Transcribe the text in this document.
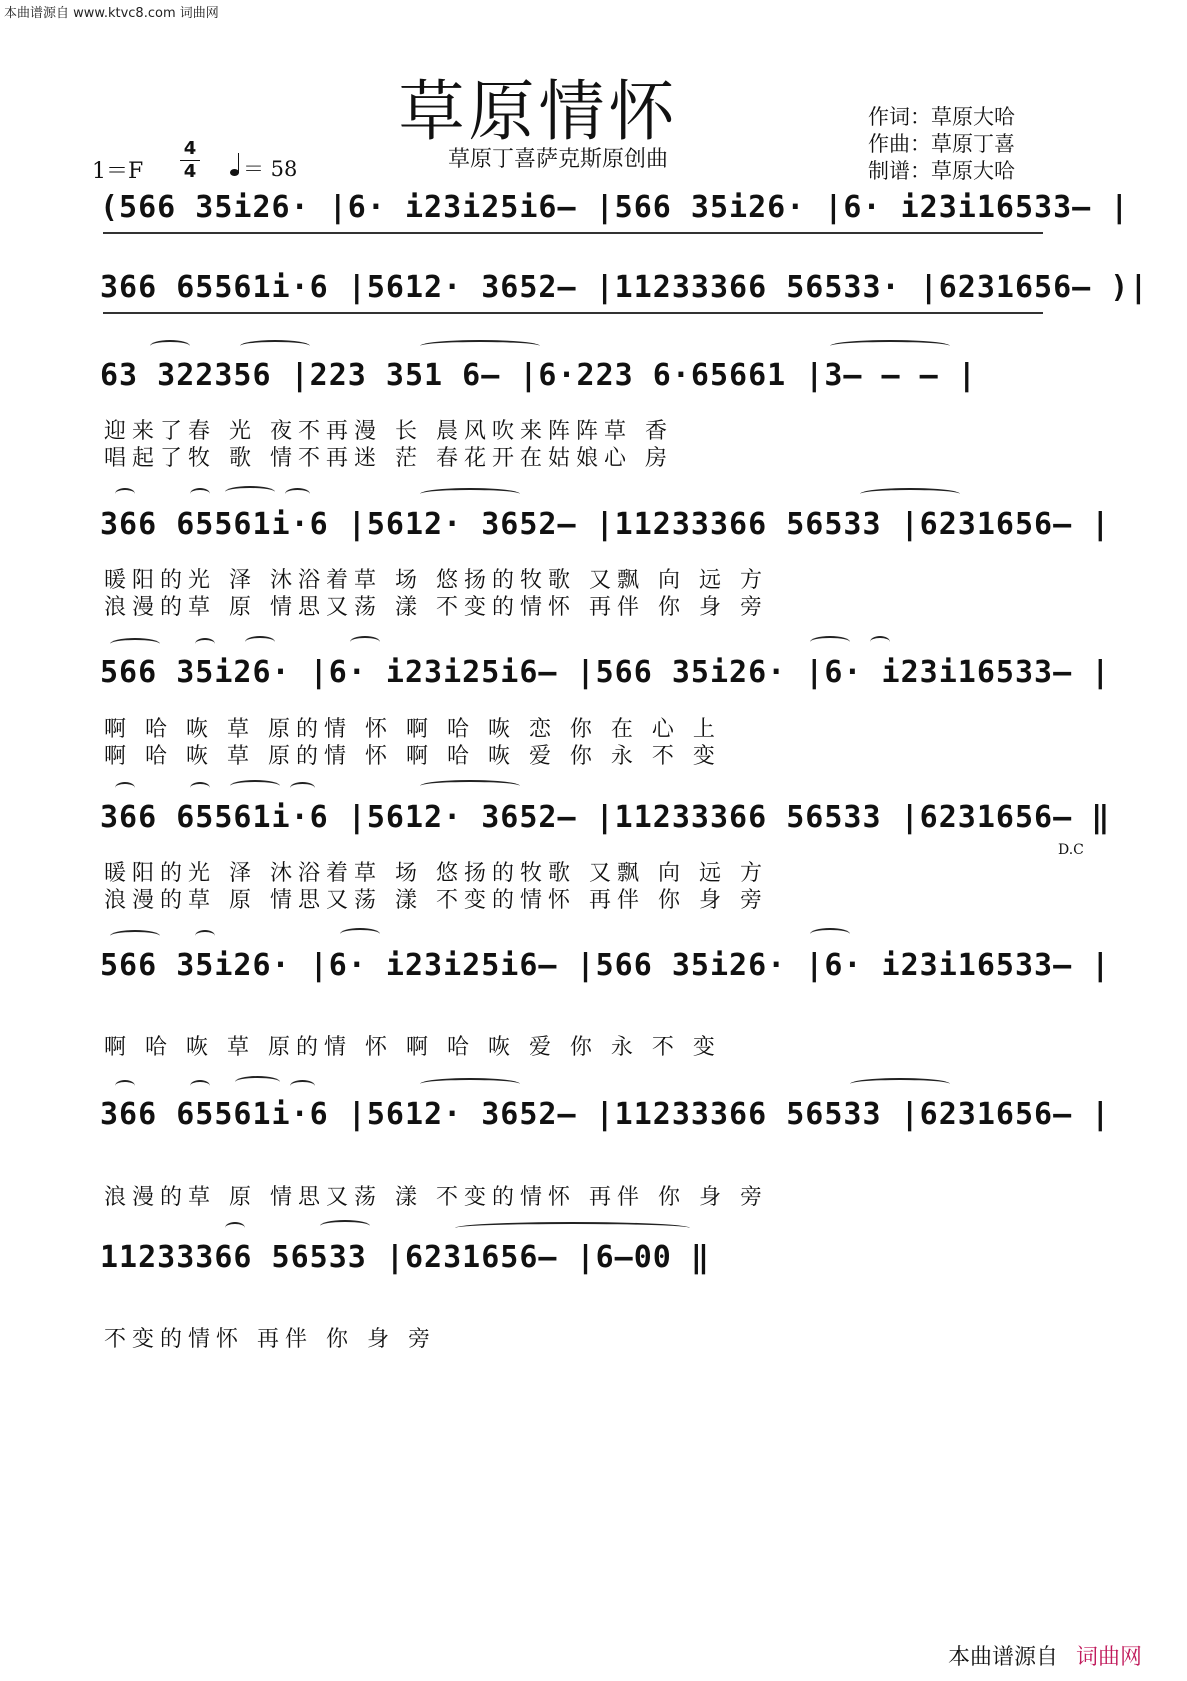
本曲谱源自 www.ktvc8.com 词曲网
草原情怀
草原丁喜萨克斯原创曲
作词：草原大哈
作曲：草原丁喜
制谱：草原大哈
1＝F
4
4	＝ 58
(566 35i26· |6· i23i25i6– |566 35i26· |6· i23i16533– |
366 65561i·6 |5612· 3652– |11233366 56533· |6231656– )|
63 322356 |223 351 6– |6·223 6·65661 |3– – – |
迎来了春 光 夜不再漫 长 晨风吹来阵阵草 香
唱起了牧 歌 情不再迷 茫 春花开在姑娘心 房
366 65561i·6 |5612· 3652– |11233366 56533 |6231656– |
暖阳的光 泽 沐浴着草 场 悠扬的牧歌 又飘 向 远 方
浪漫的草 原 情思又荡 漾 不变的情怀 再伴 你 身 旁
566 35i26· |6· i23i25i6– |566 35i26· |6· i23i16533– |
啊 哈 咴 草 原的情 怀 啊 哈 咴 恋 你 在 心 上
啊 哈 咴 草 原的情 怀 啊 哈 咴 爱 你 永 不 变
366 65561i·6 |5612· 3652– |11233366 56533 |6231656– ‖
D.C
暖阳的光 泽 沐浴着草 场 悠扬的牧歌 又飘 向 远 方
浪漫的草 原 情思又荡 漾 不变的情怀 再伴 你 身 旁
566 35i26· |6· i23i25i6– |566 35i26· |6· i23i16533– |
啊 哈 咴 草 原的情 怀 啊 哈 咴 爱 你 永 不 变
366 65561i·6 |5612· 3652– |11233366 56533 |6231656– |
浪漫的草 原 情思又荡 漾 不变的情怀 再伴 你 身 旁
11233366 56533 |6231656– |6–00 ‖
不变的情怀 再伴 你 身 旁
本曲谱源自 词曲网
